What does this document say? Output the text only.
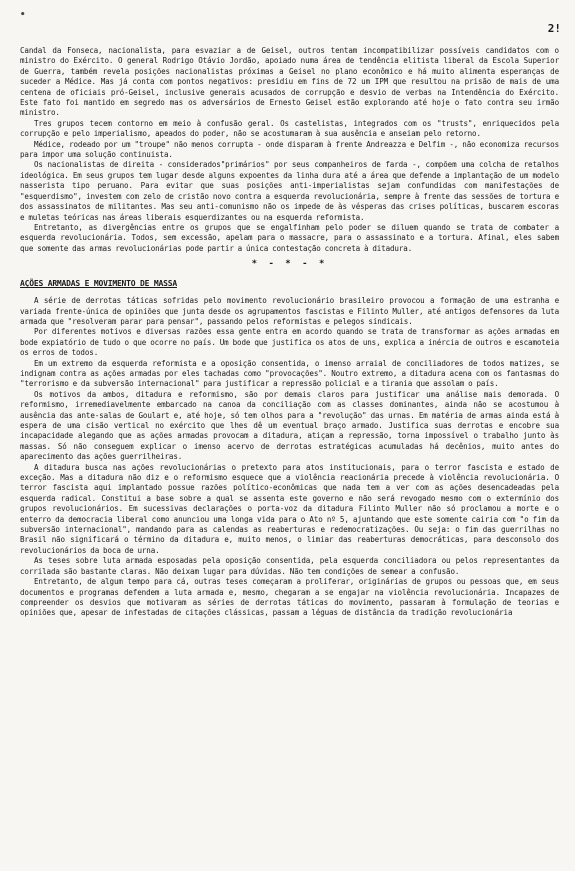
•
2!

Candal da Fonseca, nacionalista, para esvaziar a de Geisel, outros tentam incompatibilizar possíveis candidatos com o ministro do Exército. O general Rodrigo Otávio Jordão, apoiado numa área de tendência elitista liberal da Escola Superior de Guerra, também revela posições nacionalistas próximas a Geisel no plano econômico e há muito alimenta esperanças de suceder a Médice. Mas já conta com pontos negativos: presidiu em fins de 72 um IPM que resultou na prisão de mais de uma centena de oficiais pró-Geisel, inclusive generais acusados de corrupção e desvio de verbas na Intendência do Exército. Este fato foi mantido em segredo mas os adversários de Ernesto Geisel estão explorando até hoje o fato contra seu irmão ministro.

Tres grupos tecem contorno em meio à confusão geral. Os castelistas, integrados com os "trusts", enriquecidos pela corrupção e pelo imperialismo, apeados do poder, não se acostumaram à sua ausência e anseiam pelo retorno.

Médice, rodeado por um "troupe" não menos corrupta - onde disparam à frente Andreazza e Delfim -, não economiza recursos para impor uma solução continuista.

Os nacionalistas de direita - considerados"primários" por seus companheiros de farda -, compõem uma colcha de retalhos ideológica. Em seus grupos tem lugar desde alguns expoentes da linha dura até a área que defende a implantação de um modelo nasserista tipo peruano. Para evitar que suas posições anti-imperialistas sejam confundidas com manifestações de "esquerdismo", investem com zelo de cristão novo contra a esquerda revolucionária, sempre à frente das sessões de tortura e dos assassinatos de militantes. Mas seu anti-comunismo não os impede de às vésperas das crises políticas, buscarem escoras e muletas teóricas nas áreas liberais esquerdizantes ou na esquerda reformista.

Entretanto, as divergências entre os grupos que se engalfinham pelo poder se diluem quando se trata de combater a esquerda revolucionária. Todos, sem excessão, apelam para o massacre, para o assassinato e a tortura. Afinal, eles sabem que somente das armas revolucionárias pode partir a única contestação concreta à ditadura.

* - * - *
AÇÕES ARMADAS E MOVIMENTO DE MASSA

A série de derrotas táticas sofridas pelo movimento revolucionário brasileiro provocou a formação de uma estranha e variada frente-única de opiniões que junta desde os agrupamentos fascistas e Filinto Muller, até antigos defensores da luta armada que "resolveram parar para pensar", passando pelos reformistas e pelegos sindicais.

Por diferentes motivos e diversas razões essa gente entra em acordo quando se trata de transformar as ações armadas em bode expiatório de tudo o que ocorre no país. Um bode que justifica os atos de uns, explica a inércia de outros e escamoteia os erros de todos.

Em um extremo da esquerda reformista e a oposição consentida, o imenso arraial de conciliadores de todos matizes, se indignam contra as ações armadas por eles tachadas como "provocações". Noutro extremo, a ditadura acena com os fantasmas do "terrorismo e da subversão internacional" para justificar a repressão policial e a tirania que assolam o país.

Os motivos da ambos, ditadura e reformismo, são por demais claros para justificar uma análise mais demorada. O reformismo, irremediavelmente embarcado na canoa da conciliação com as classes dominantes, ainda não se acostumou à ausência das ante-salas de Goulart e, até hoje, só tem olhos para a "revolução" das urnas. Em matéria de armas ainda está à espera de uma cisão vertical no exército que lhes dê um eventual braço armado. Justifica suas derrotas e encobre sua incapacidade alegando que as ações armadas provocam a ditadura, atiçam a repressão, torna impossível o trabalho junto às massas. Só não conseguem explicar o imenso acervo de derrotas estratégicas acumuladas há decênios, muito antes do aparecimento das ações guerrilheiras.

A ditadura busca nas ações revolucionárias o pretexto para atos institucionais, para o terror fascista e estado de exceção. Mas a ditadura não diz e o reformismo esquece que a violência reacionária precede à violência revolucionária. O terror fascista aqui implantado possue razões político-econômicas que nada tem a ver com as ações desencadeadas pela esquerda radical. Constitui a base sobre a qual se assenta este governo e não será revogado mesmo com o extermínio dos grupos revolucionários. Em sucessivas declarações o porta-voz da ditadura Filinto Muller não só proclamou a morte e o enterro da democracia liberal como anunciou uma longa vida para o Ato nº 5, ajuntando que este somente cairia com "o fim da subversão internacional", mandando para as calendas as reaberturas e redemocratizações. Ou seja: o fim das guerrilhas no Brasil não significará o término da ditadura e, muito menos, o limiar das reaberturas democráticas, para desconsolo dos revolucionários da boca de urna.

As teses sobre luta armada esposadas pela oposição consentida, pela esquerda conciliadora ou pelos representantes da corrilada são bastante claras. Não deixam lugar para dúvidas. Não tem condições de semear a confusão.

Entretanto, de algum tempo para cá, outras teses começaram a proliferar, originárias de grupos ou pessoas que, em seus documentos e programas defendem a luta armada e, mesmo, chegaram a se engajar na violência revolucionária. Incapazes de compreender os desvios que motivaram as séries de derrotas táticas do movimento, passaram à formulação de teorias e opiniões que, apesar de infestadas de citações clássicas, passam a léguas de distância da tradição revolucionária
